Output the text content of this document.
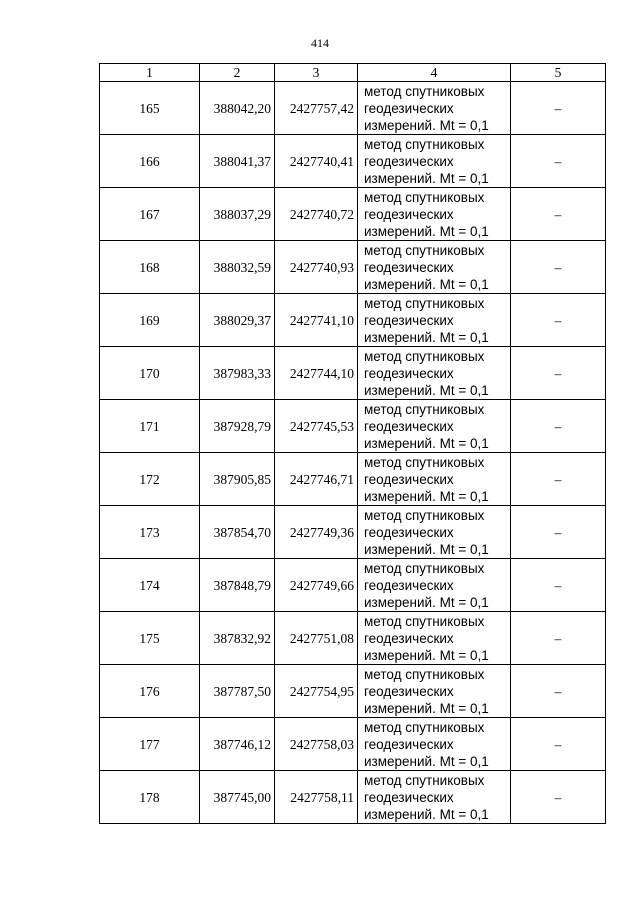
414
1	2	3	4	5
165	388042,20	2427757,42	метод спутниковых
геодезических
измерений. Mt = 0,1	–
166	388041,37	2427740,41	метод спутниковых
геодезических
измерений. Mt = 0,1	–
167	388037,29	2427740,72	метод спутниковых
геодезических
измерений. Mt = 0,1	–
168	388032,59	2427740,93	метод спутниковых
геодезических
измерений. Mt = 0,1	–
169	388029,37	2427741,10	метод спутниковых
геодезических
измерений. Mt = 0,1	–
170	387983,33	2427744,10	метод спутниковых
геодезических
измерений. Mt = 0,1	–
171	387928,79	2427745,53	метод спутниковых
геодезических
измерений. Mt = 0,1	–
172	387905,85	2427746,71	метод спутниковых
геодезических
измерений. Mt = 0,1	–
173	387854,70	2427749,36	метод спутниковых
геодезических
измерений. Mt = 0,1	–
174	387848,79	2427749,66	метод спутниковых
геодезических
измерений. Mt = 0,1	–
175	387832,92	2427751,08	метод спутниковых
геодезических
измерений. Mt = 0,1	–
176	387787,50	2427754,95	метод спутниковых
геодезических
измерений. Mt = 0,1	–
177	387746,12	2427758,03	метод спутниковых
геодезических
измерений. Mt = 0,1	–
178	387745,00	2427758,11	метод спутниковых
геодезических
измерений. Mt = 0,1	–
